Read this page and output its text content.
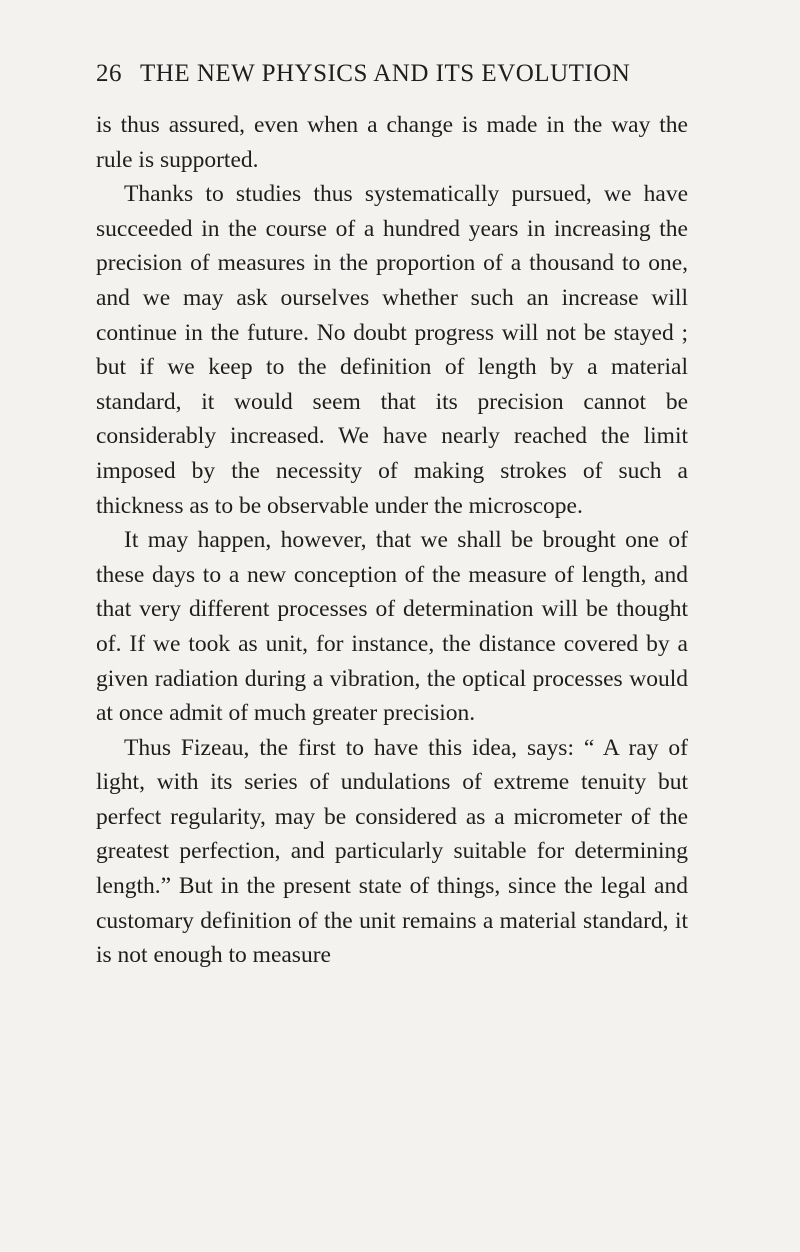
26 THE NEW PHYSICS AND ITS EVOLUTION

is thus assured, even when a change is made in the way the rule is supported.

Thanks to studies thus systematically pursued, we have succeeded in the course of a hundred years in increasing the precision of measures in the proportion of a thousand to one, and we may ask ourselves whether such an increase will continue in the future. No doubt progress will not be stayed ; but if we keep to the definition of length by a material standard, it would seem that its precision cannot be considerably increased. We have nearly reached the limit imposed by the necessity of making strokes of such a thickness as to be observable under the microscope.

It may happen, however, that we shall be brought one of these days to a new conception of the measure of length, and that very different processes of determination will be thought of. If we took as unit, for instance, the distance covered by a given radiation during a vibration, the optical processes would at once admit of much greater precision.

Thus Fizeau, the first to have this idea, says: “ A ray of light, with its series of undulations of extreme tenuity but perfect regularity, may be considered as a micrometer of the greatest perfection, and particularly suitable for determining length.” But in the present state of things, since the legal and customary definition of the unit remains a material standard, it is not enough to measure
